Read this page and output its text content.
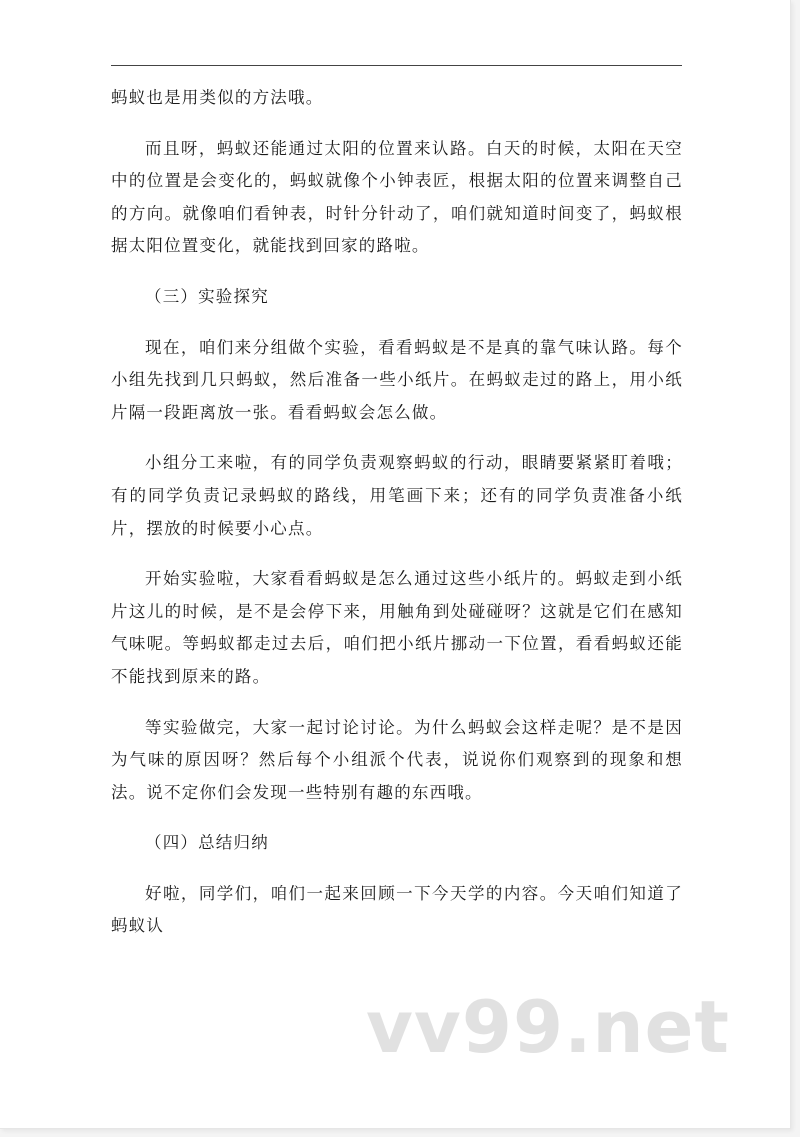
蚂蚁也是用类似的方法哦。

而且呀，蚂蚁还能通过太阳的位置来认路。白天的时候，太阳在天空中的位置是会变化的，蚂蚁就像个小钟表匠，根据太阳的位置来调整自己的方向。就像咱们看钟表，时针分针动了，咱们就知道时间变了，蚂蚁根据太阳位置变化，就能找到回家的路啦。

（三）实验探究

现在，咱们来分组做个实验，看看蚂蚁是不是真的靠气味认路。每个小组先找到几只蚂蚁，然后准备一些小纸片。在蚂蚁走过的路上，用小纸片隔一段距离放一张。看看蚂蚁会怎么做。

小组分工来啦，有的同学负责观察蚂蚁的行动，眼睛要紧紧盯着哦；有的同学负责记录蚂蚁的路线，用笔画下来；还有的同学负责准备小纸片，摆放的时候要小心点。

开始实验啦，大家看看蚂蚁是怎么通过这些小纸片的。蚂蚁走到小纸片这儿的时候，是不是会停下来，用触角到处碰碰呀？这就是它们在感知气味呢。等蚂蚁都走过去后，咱们把小纸片挪动一下位置，看看蚂蚁还能不能找到原来的路。

等实验做完，大家一起讨论讨论。为什么蚂蚁会这样走呢？是不是因为气味的原因呀？然后每个小组派个代表，说说你们观察到的现象和想法。说不定你们会发现一些特别有趣的东西哦。

（四）总结归纳

好啦，同学们，咱们一起来回顾一下今天学的内容。今天咱们知道了蚂蚁认

vv99.net
